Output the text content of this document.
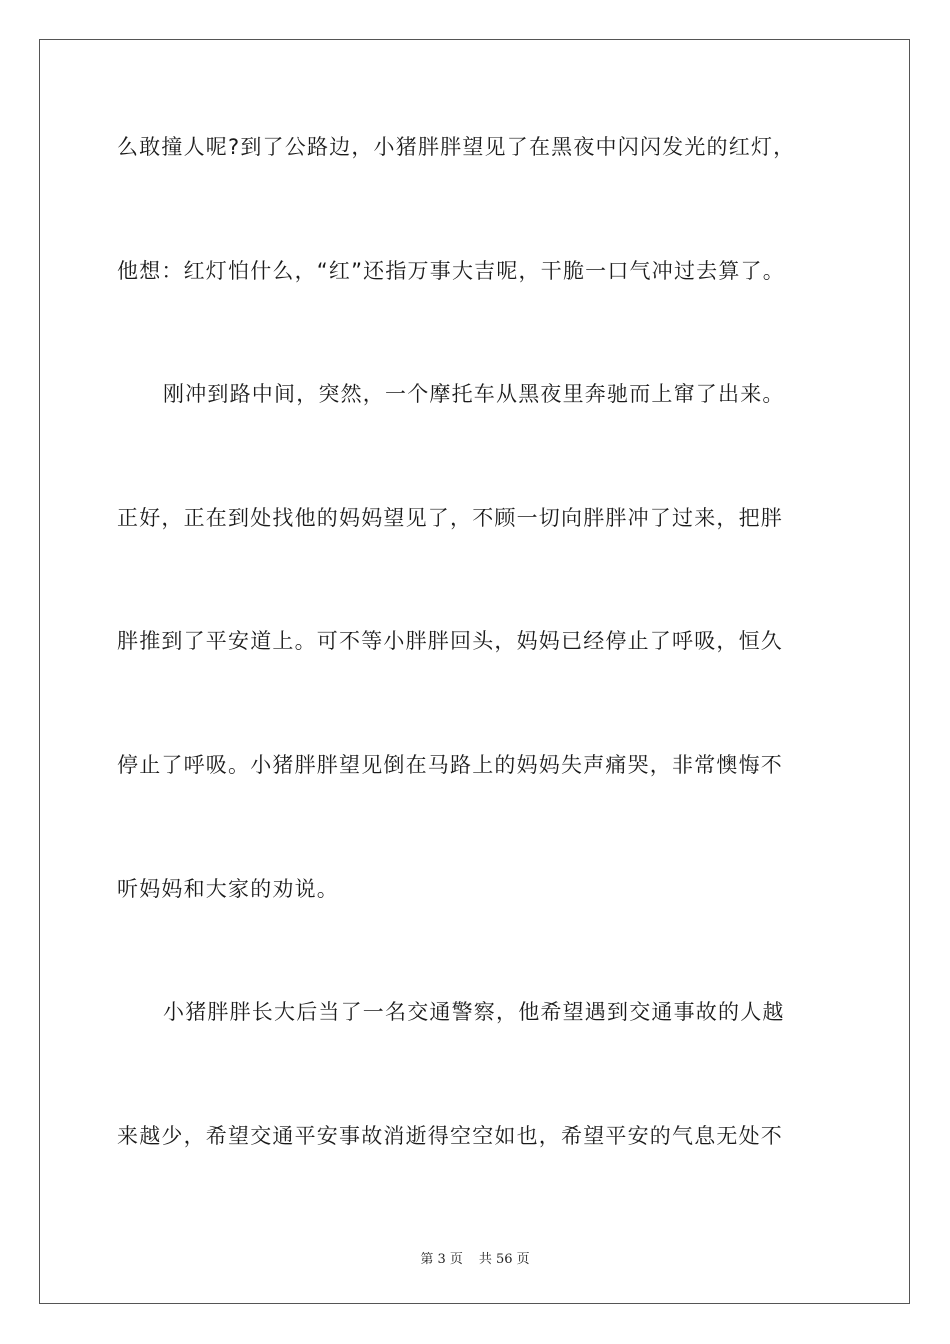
么敢撞人呢?到了公路边，小猪胖胖望见了在黑夜中闪闪发光的红灯，
他想：红灯怕什么，“红”还指万事大吉呢，干脆一口气冲过去算了。
刚冲到路中间，突然，一个摩托车从黑夜里奔驰而上窜了出来。
正好，正在到处找他的妈妈望见了，不顾一切向胖胖冲了过来，把胖
胖推到了平安道上。可不等小胖胖回头，妈妈已经停止了呼吸，恒久
停止了呼吸。小猪胖胖望见倒在马路上的妈妈失声痛哭，非常懊悔不
听妈妈和大家的劝说。
小猪胖胖长大后当了一名交通警察，他希望遇到交通事故的人越
来越少，希望交通平安事故消逝得空空如也，希望平安的气息无处不
第 3 页 共 56 页
